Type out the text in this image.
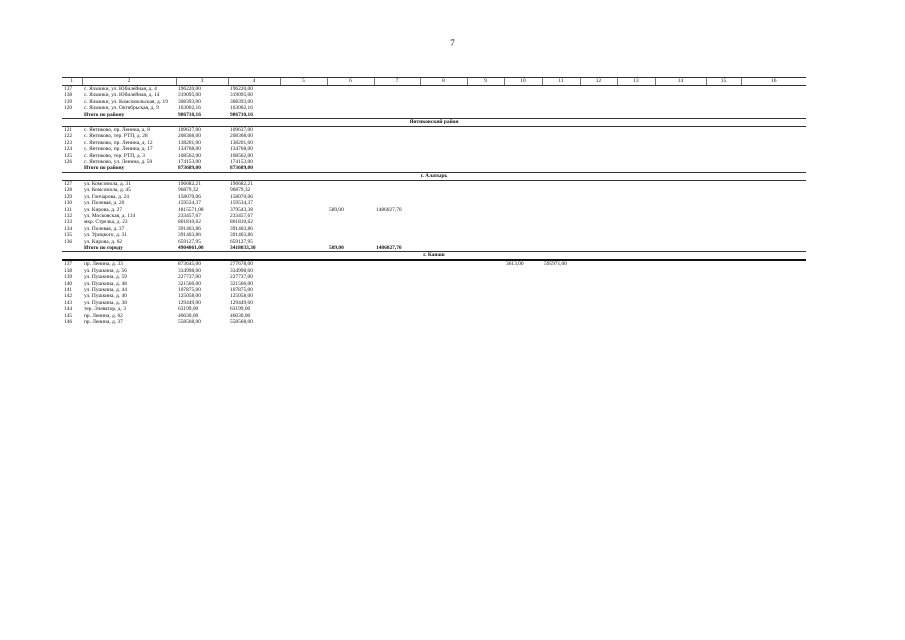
7
1	2	3	4	5	6	7	8	9	10	11	12	13	14	15	16
137	с. Яльчики, ул. Юбилейная, д. 4	196220,00	196220,00												
138	с. Яльчики, ул. Юбилейная, д. 14	319095,00	319095,00												
139	с. Яльчики, ул. Комсомольская, д. 19	308393,00	308393,00												
120	с. Яльчики, ул. Октябрьская, д. 9	163002,16	163002,16												
	Итого по району	986710,16	986710,16												
Янтиковский район															
121	с. Янтиково, пр. Ленина, д. 8	109637,00	109637,00												
122	с. Янтиково, тер. РТП, д. 28	208368,00	208368,00												
123	с. Янтиково, пр. Ленина, д. 12	138201,00	138201,00												
124	с. Янтиково, пр. Ленина, д. 17	134768,00	134768,00												
125	с. Янтиково, тер. РТП, д. 3	108562,00	108562,00												
126	с. Янтиково, ул. Ленина, д. 50	174153,00	174153,00												
	Итого по району	873689,00	873689,00												
г. Алатырь															
127	ул. Комсомола, д. 31	196682,21	196682,21												
128	ул. Комсомола, д. 45	96879,32	96879,32												
129	ул. Гончарова, д. 24	158070,06	158070,06												
130	ул. Полевая, д. 20	159534,37	159534,37												
131	ул. Кирова, д. 27	1815571,08	379543,38		589,00	1486027,70									
132	ул. Московская, д. 114	233457,67	233457,67												
133	мкр. Стрелка, д. 23	801810,62	801810,62												
134	ул. Полевая, д. 37	391463,86	391463,86												
135	ул. Урицкого, д. 31	391463,86	391463,86												
136	ул. Кирова, д. 62	659127,95	659127,95												
	Итого по городу	4904061,00	3418033,30		589,00	1486027,70									
г. Канаш															
137	пр. Ленина, д. 33	873645,00	277678,00						3613,00	595971,00					
138	ул. Пушкина, д. 56	334998,00	334998,00												
139	ул. Пушкина, д. 59	227737,00	227737,00												
140	ул. Пушкина, д. 48	321566,00	321566,00												
141	ул. Пушкина, д. 44	107875,00	107875,00												
142	ул. Пушкина, д. 40	125058,00	125058,00												
143	ул. Пушкина, д. 38	129449,00	129449,00												
144	тер. Элеватор, д. 3	63199,00	63199,00												
145	пр. Ленина, д. 62	46030,00	46030,00												
146	пр. Ленина, д. 37	558568,00	558568,00												
